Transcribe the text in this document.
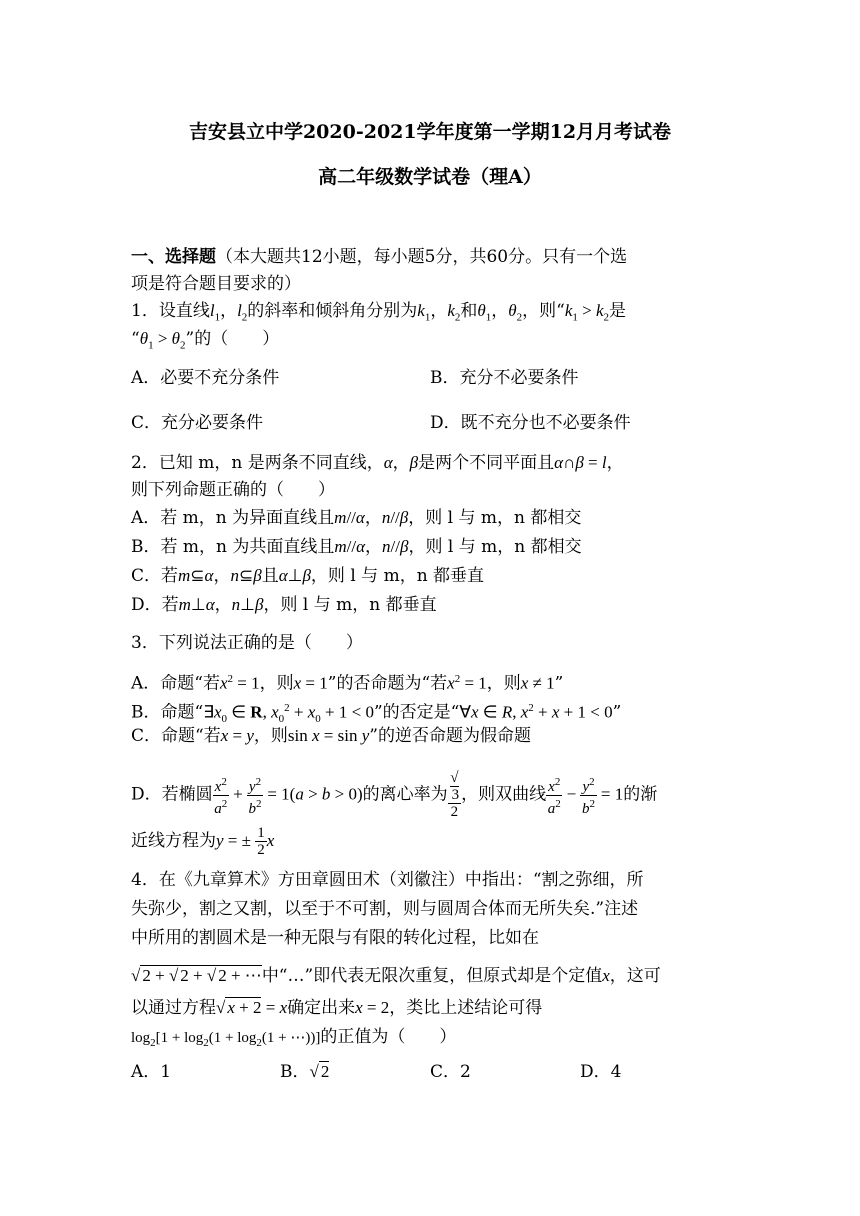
吉安县立中学2020-2021学年度第一学期12月月考试卷
高二年级数学试卷（理A）
一、选择题（本大题共12小题，每小题5分，共60分。只有一个选
项是符合题目要求的）
1．设直线$l_1$，$l_2$的斜率和倾斜角分别为$k_1$，$k_2$和$\theta_1$，$\theta_2$，则“$k_1 > k_2$是
“$\theta_1 > \theta_2$”的（　　）
A．必要不充分条件	B．充分不必要条件
C．充分必要条件	D．既不充分也不必要条件
2．已知 m，n 是两条不同直线，α，β是两个不同平面且α∩β = l，
则下列命题正确的（　　）
A．若 m，n 为异面直线且m//α，n//β，则 l 与 m，n 都相交
B．若 m，n 为共面直线且m//α，n//β，则 l 与 m，n 都相交
C．若m⊆α，n⊆β且α⊥β，则 l 与 m，n 都垂直
D．若m⊥α，n⊥β，则 l 与 m，n 都垂直
3．下列说法正确的是（　　）
A．命题“若$x^2 = 1$，则x = 1”的否命题为“若$x^2 = 1$，则x ≠ 1”
B．命题“$\exists x_0$ ∈ R, $x_0^2 + x_0 + 1 < 0$”的否定是“∀x ∈ R, $x^2 + x + 1 < 0$”
C．命题“若x = y，则sin x = sin y”的逆否命题为假命题
D．若椭圆 $\frac{x^2}{a^2} + \frac{y^2}{b^2} = 1(a > b > 0)$的离心率为 √
3
2 ，则双曲线 $\frac{x^2}{a^2} - \frac{y^2}{b^2} = 1$的渐
近线方程为y = ± $\frac{1}{2}$ x
4．在《九章算术》方田章圆田术（刘徽注）中指出：“割之弥细，所
失弥少，割之又割，以至于不可割，则与圆周合体而无所失矣.”注述
中所用的割圆术是一种无限与有限的转化过程，比如在
√ 2 + √ 2 + √ 2 + ⋯中“…”即代表无限次重复，但原式却是个定值x，这可
以通过方程√ x + 2 = x确定出来x = 2，类比上述结论可得
$\log_2[1 + \log_2(1 + \log_2(1$ + ⋯))]的正值为（　　）
A．1	B．√ 2	C．2	D．4
